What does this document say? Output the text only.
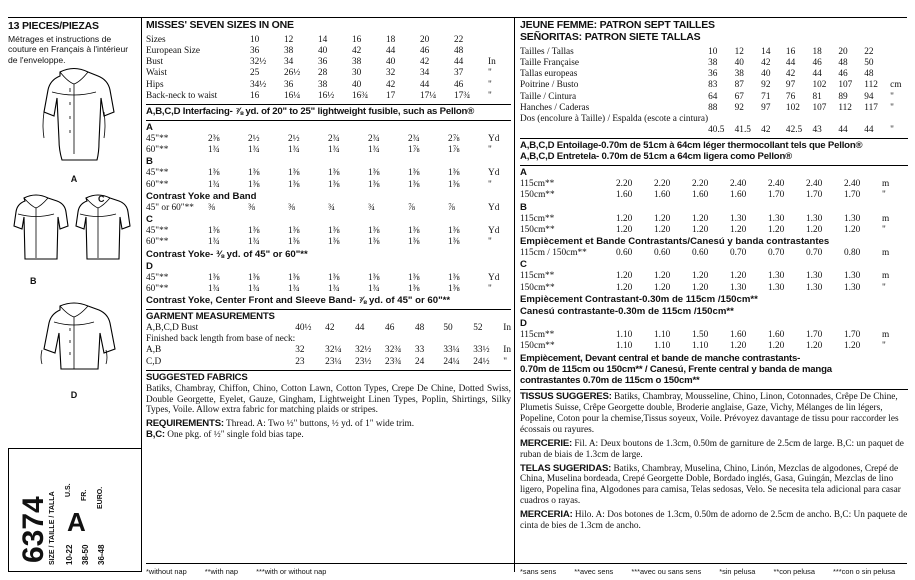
13 PIECES/PIEZAS
Métrages et instructions de couture en Français à l'intérieur de l'enveloppe.
A
C
B
D
6374 SIZE / TAILLE / TALLA 10-22
U.S.
38-50
FR.
36-48
EURO.
A
MISSES' SEVEN SIZES IN ONE
Sizes	10	12	14	16	18	20	22	
European Size	36	38	40	42	44	46	48	
Bust	32½	34	36	38	40	42	44	In
Waist	25	26½	28	30	32	34	37	"
Hips	34½	36	38	40	42	44	46	"
Back-neck to waist	16	16¼	16½	16¾	17	17¼	17¾	"
A,B,C,D Interfacing- ⅞ yd. of 20" to 25" lightweight fusible, such as Pellon®
A
45"**	2⅜	2½	2½	2¾	2¾	2¾	2⅞	Yd
60"**	1¾	1¾	1¾	1¾	1¾	1⅞	1⅞	"
B
45"**	1⅜	1⅜	1⅜	1⅜	1⅜	1⅜	1⅜	Yd
60"**	1¾	1⅜	1⅜	1⅜	1⅜	1⅜	1⅜	"
Contrast Yoke and Band
45" or 60"**	⅜	⅜	⅜	¾	¾	⅞	⅞	Yd
C
45"**	1⅜	1⅜	1⅜	1⅜	1⅜	1⅜	1⅜	Yd
60"**	1¾	1¾	1⅜	1⅜	1⅜	1⅜	1⅜	"
Contrast Yoke- ⅜ yd. of 45" or 60"**
D
45"**	1⅜	1⅜	1⅜	1⅜	1⅜	1⅜	1⅜	Yd
60"**	1¾	1¾	1¾	1¾	1¾	1⅜	1⅜	"
Contrast Yoke, Center Front and Sleeve Band- ⅞ yd. of 45" or 60"**
GARMENT MEASUREMENTS
A,B,C,D Bust	40½	42	44	46	48	50	52	In
Finished back length from base of neck:								
A,B	32	32¼	32½	32¾	33	33¼	33½	In
C,D	23	23¼	23½	23¾	24	24¼	24½	"
SUGGESTED FABRICS
Batiks, Chambray, Chiffon, Chino, Cotton Lawn, Cotton Types, Crepe De Chine, Dotted Swiss, Double Georgette, Eyelet, Gauze, Gingham, Lightweight Linen Types, Poplin, Shirtings, Silky Types, Voile. Allow extra fabric for matching plaids or stripes.
REQUIREMENTS: Thread. A: Two ½" buttons, ½ yd. of 1" wide trim.
B,C: One pkg. of ½" single fold bias tape.
JEUNE FEMME: PATRON SEPT TAILLES
SEÑORITAS: PATRON SIETE TALLAS
Tailles / Tallas	10	12	14	16	18	20	22	
Taille Française	38	40	42	44	46	48	50	
Tallas europeas	36	38	40	42	44	46	48	
Poitrine / Busto	83	87	92	97	102	107	112	cm
Taille / Cintura	64	67	71	76	81	89	94	"
Hanches / Caderas	88	92	97	102	107	112	117	"
Dos (encolure à Taille) / Espalda (escote a cintura)								
	40.5	41.5	42	42.5	43	44	44	"
A,B,C,D Entoilage-0.70m de 51cm à 64cm léger thermocollant tels que Pellon®
A,B,C,D Entretela- 0.70m de 51cm a 64cm ligera como Pellon®
A
115cm**	2.20	2.20	2.20	2.40	2.40	2.40	2.40	m
150cm**	1.60	1.60	1.60	1.60	1.70	1.70	1.70	"
B
115cm**	1.20	1.20	1.20	1.30	1.30	1.30	1.30	m
150cm**	1.20	1.20	1.20	1.20	1.20	1.20	1.20	"
Empiècement et Bande Contrastants/Canesú y banda contrastantes
115cm / 150cm**	0.60	0.60	0.60	0.70	0.70	0.70	0.80	m
C
115cm**	1.20	1.20	1.20	1.20	1.30	1.30	1.30	m
150cm**	1.20	1.20	1.20	1.30	1.30	1.30	1.30	"
Empiècement Contrastant-0.30m de 115cm /150cm**
Canesú contrastante-0.30m de 115cm /150cm**
D
115cm**	1.10	1.10	1.50	1.60	1.60	1.70	1.70	m
150cm**	1.10	1.10	1.10	1.20	1.20	1.20	1.20	"
Empiècement, Devant central et bande de manche contrastants-
0.70m de 115cm ou 150cm** / Canesú, Frente central y banda de manga
contrastantes 0.70m de 115cm o 150cm**
TISSUS SUGGERES: Batiks, Chambray, Mousseline, Chino, Linon, Cotonnades, Crêpe De Chine, Plumetis Suisse, Crêpe Georgette double, Broderie anglaise, Gaze, Vichy, Mélanges de lin légers, Popeline, Coton pour la chemise,Tissus soyeux, Voile. Prévoyez davantage de tissu pour raccorder les écossais ou rayures.
MERCERIE: Fil. A: Deux boutons de 1.3cm, 0.50m de garniture de 2.5cm de large. B,C: un paquet de ruban de biais de 1.3cm de large.
TELAS SUGERIDAS: Batiks, Chambray, Muselina, Chino, Linón, Mezclas de algodones, Crepé de China, Muselina bordeada, Crepé Georgette Doble, Bordado inglés, Gasa, Guingán, Mezclas de lino ligero, Popelina fina, Algodones para camisa, Telas sedosas, Velo. Se necesita tela adicional para casar cuadros o rayas.
MERCERIA: Hilo. A: Dos botones de 1.3cm, 0.50m de adorno de 2.5cm de ancho. B,C: Un paquete de cinta de bies de 1.3cm de ancho.
*without nap **with nap ***with or without nap	*sans sens **avec sens ***avec ou sans sens *sin pelusa **con pelusa ***con o sin pelusa
